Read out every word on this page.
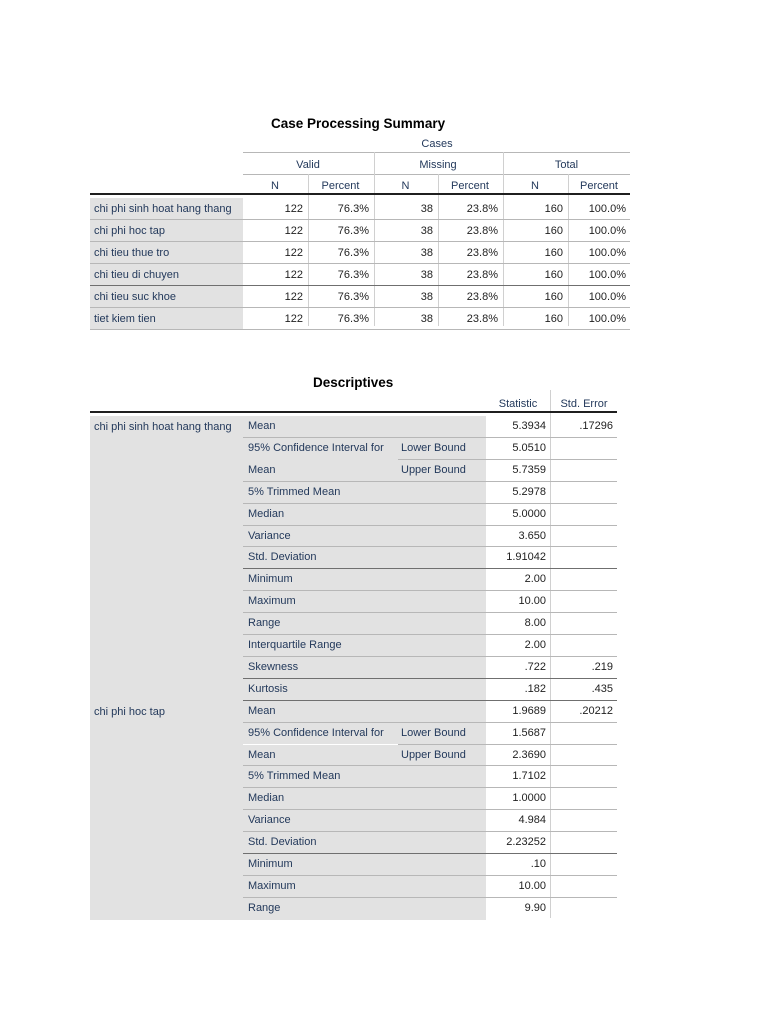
Case Processing Summary
Cases
Valid	Missing	Total
N	Percent	N	Percent	N	Percent
chi phi sinh hoat hang thang	122	76.3%	38	23.8%	160	100.0%
chi phi hoc tap	122	76.3%	38	23.8%	160	100.0%
chi tieu thue tro	122	76.3%	38	23.8%	160	100.0%
chi tieu di chuyen	122	76.3%	38	23.8%	160	100.0%
chi tieu suc khoe	122	76.3%	38	23.8%	160	100.0%
tiet kiem tien	122	76.3%	38	23.8%	160	100.0%
Descriptives
Statistic	Std. Error
chi phi sinh hoat hang thang	Mean	5.3934	.17296
95% Confidence Interval for	Lower Bound	5.0510
Mean	Upper Bound	5.7359
5% Trimmed Mean	5.2978
Median	5.0000
Variance	3.650
Std. Deviation	1.91042
Minimum	2.00
Maximum	10.00
Range	8.00
Interquartile Range	2.00
Skewness	.722	.219
Kurtosis	.182	.435
chi phi hoc tap	Mean	1.9689	.20212
95% Confidence Interval for	Lower Bound	1.5687
Mean	Upper Bound	2.3690
5% Trimmed Mean	1.7102
Median	1.0000
Variance	4.984
Std. Deviation	2.23252
Minimum	.10
Maximum	10.00
Range	9.90
